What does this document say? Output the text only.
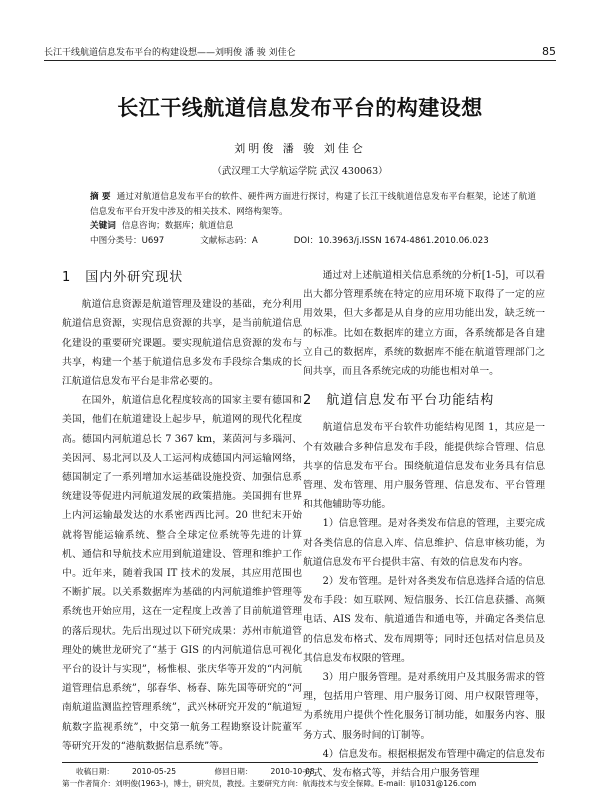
长江干线航道信息发布平台的构建设想——刘明俊 潘 骏 刘佳仑	85
长江干线航道信息发布平台的构建设想
刘明俊 潘 骏 刘佳仑
（武汉理工大学航运学院 武汉 430063）
摘 要 通过对航道信息发布平台的软件、硬件两方面进行探讨，构建了长江干线航道信息发布平台框架，论述了航道信息发布平台开发中涉及的相关技术、网络构架等。
关键词 信息咨询；数据库；航道信息
中图分类号：U697	文献标志码：A	DOI：10.3963/j.ISSN 1674-4861.2010.06.023
1 国内外研究现状

航道信息资源是航道管理及建设的基础，充分利用航道信息资源，实现信息资源的共享，是当前航道信息化建设的重要研究课题。要实现航道信息资源的发布与共享，构建一个基于航道信息多发布手段综合集成的长江航道信息发布平台是非常必要的。

在国外，航道信息化程度较高的国家主要有德国和美国，他们在航道建设上起步早，航道网的现代化程度高。德国内河航道总长 7 367 km，莱茵河与多瑙河、美因河、易北河以及人工运河构成德国内河运输网络，德国制定了一系列增加水运基础设施投资、加强信息系统建设等促进内河航道发展的政策措施。美国拥有世界上内河运输最发达的水系密西西比河。20 世纪末开始就将智能运输系统、整合全球定位系统等先进的计算机、通信和导航技术应用到航道建设、管理和维护工作中。近年来，随着我国 IT 技术的发展，其应用范围也不断扩展。以关系数据库为基础的内河航道维护管理等系统也开始应用，这在一定程度上改善了目前航道管理的落后现状。先后出现过以下研究成果：苏州市航道管理处的姚世龙研究了“基于 GIS 的内河航道信息可视化平台的设计与实现”，杨惟根、张庆华等开发的“内河航道管理信息系统”，邬春华、杨春、陈先国等研究的“河南航道监测监控管理系统”，武兴林研究开发的“航道短航数字监视系统”，中交第一航务工程勘察设计院董军等研究开发的“港航数据信息系统”等。

通过对上述航道相关信息系统的分析[1-5]，可以看出大都分管理系统在特定的应用环境下取得了一定的应用效果，但大多都是从自身的应用功能出发，缺乏统一的标准。比如在数据库的建立方面，各系统都是各自建立自己的数据库，系统的数据库不能在航道管理部门之间共享，而且各系统完成的功能也相对单一。

2 航道信息发布平台功能结构

航道信息发布平台软件功能结构见图 1，其应是一个有效融合多种信息发布手段，能提供综合管理、信息共享的信息发布平台。围绕航道信息发布业务具有信息管理、发布管理、用户服务管理、信息发布、平台管理和其他辅助等功能。

1）信息管理。是对各类发布信息的管理，主要完成对各类信息的信息入库、信息维护、信息审核功能，为航道信息发布平台提供丰富、有效的信息发布内容。

2）发布管理。是针对各类发布信息选择合适的信息发布手段：如互联网、短信服务、长江信息获播、高频电话、AIS 发布、航道通告和通电等，并确定各类信息的信息发布格式、发布周期等；同时还包括对信息员及其信息发布权限的管理。

3）用户服务管理。是对系统用户及其服务需求的管理，包括用户管理、用户服务订阅、用户权限管理等，为系统用户提供个性化服务订制功能，如服务内容、服务方式、服务时间的订制等。

4）信息发布。根据根据发布管理中确定的信息发布方式、发布格式等，并结合用户服务管理

收稿日期： 2010-05-25	修回日期： 2010-10-08
第一作者简介：刘明俊(1963-)，博士，研究员，教授。主要研究方向：航海技术与安全保障。E-mail：ljl1031@126.com
